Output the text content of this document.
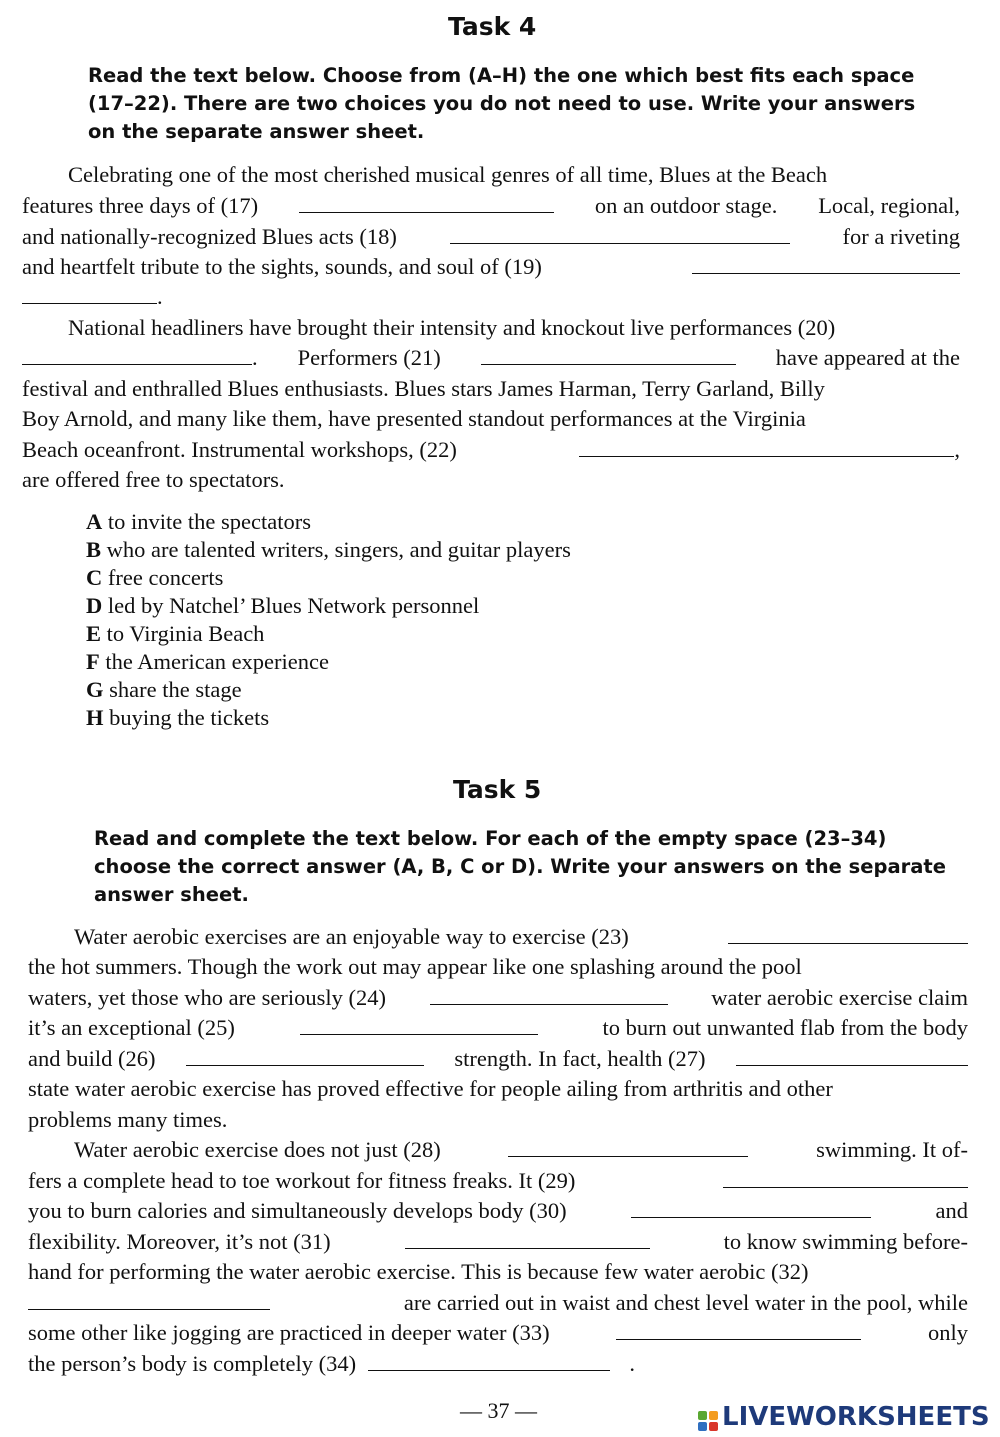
Task 4
Read the text below. Choose from (A–H) the one which best fits each space
(17–22). There are two choices you do not need to use. Write your answers
on the separate answer sheet.
Celebrating one of the most cherished musical genres of all time, Blues at the Beach
features three days of (17)	on an outdoor stage. Local, regional,
and nationally-recognized Blues acts (18)	for a riveting
and heartfelt tribute to the sights, sounds, and soul of (19)
.
National headliners have brought their intensity and knockout live performances (20)
. Performers (21)	have appeared at the
festival and enthralled Blues enthusiasts. Blues stars James Harman, Terry Garland, Billy
Boy Arnold, and many like them, have presented standout performances at the Virginia
Beach oceanfront. Instrumental workshops, (22)	,
are offered free to spectators.
A to invite the spectators
B who are talented writers, singers, and guitar players
C free concerts
D led by Natchel’ Blues Network personnel
E to Virginia Beach
F the American experience
G share the stage
H buying the tickets
Task 5
Read and complete the text below. For each of the empty space (23–34)
choose the correct answer (A, B, C or D). Write your answers on the separate
answer sheet.
Water aerobic exercises are an enjoyable way to exercise (23)
the hot summers. Though the work out may appear like one splashing around the pool
waters, yet those who are seriously (24)	water aerobic exercise claim
it’s an exceptional (25)	to burn out unwanted flab from the body
and build (26)	strength. In fact, health (27)
state water aerobic exercise has proved effective for people ailing from arthritis and other
problems many times.
Water aerobic exercise does not just (28)	swimming. It of-
fers a complete head to toe workout for fitness freaks. It (29)
you to burn calories and simultaneously develops body (30)	and
flexibility. Moreover, it’s not (31)	to know swimming before-
hand for performing the water aerobic exercise. This is because few water aerobic (32)
are carried out in waist and chest level water in the pool, while
some other like jogging are practiced in deeper water (33)	only
the person’s body is completely (34)	.
— 37 —	LIVEWORKSHEETS
